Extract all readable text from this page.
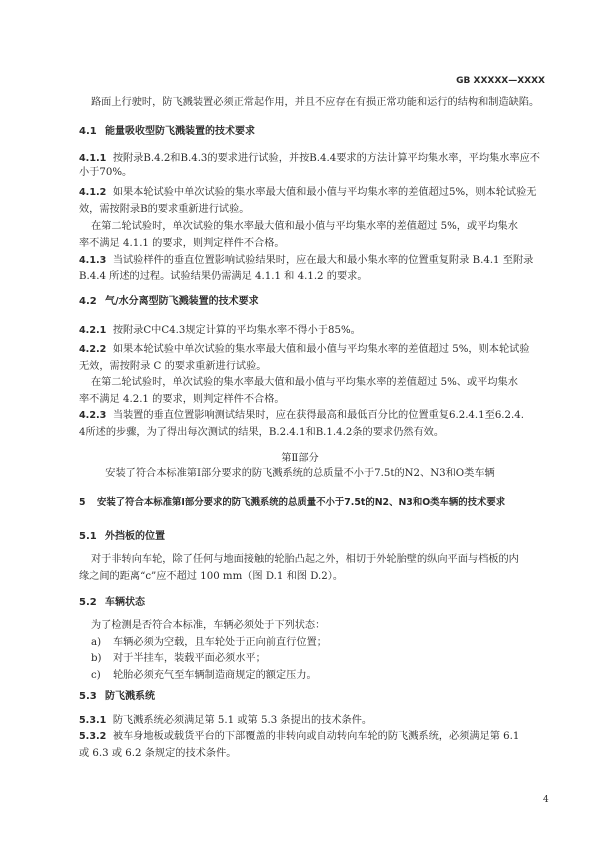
GB XXXXX—XXXX
路面上行驶时，防飞溅装置必须正常起作用，并且不应存在有损正常功能和运行的结构和制造缺陷。
4.1 能量吸收型防飞溅装置的技术要求
4.1.1 按附录B.4.2和B.4.3的要求进行试验，并按B.4.4要求的方法计算平均集水率，平均集水率应不
小于70%。
4.1.2 如果本轮试验中单次试验的集水率最大值和最小值与平均集水率的差值超过5%，则本轮试验无
效，需按附录B的要求重新进行试验。
在第二轮试验时，单次试验的集水率最大值和最小值与平均集水率的差值超过 5%，或平均集水
率不满足 4.1.1 的要求，则判定样件不合格。
4.1.3 当试验样件的垂直位置影响试验结果时，应在最大和最小集水率的位置重复附录 B.4.1 至附录
B.4.4 所述的过程。试验结果仍需满足 4.1.1 和 4.1.2 的要求。
4.2 气/水分离型防飞溅装置的技术要求
4.2.1 按附录C中C4.3规定计算的平均集水率不得小于85%。
4.2.2 如果本轮试验中单次试验的集水率最大值和最小值与平均集水率的差值超过 5%，则本轮试验
无效，需按附录 C 的要求重新进行试验。
在第二轮试验时，单次试验的集水率最大值和最小值与平均集水率的差值超过 5%、或平均集水
率不满足 4.2.1 的要求，则判定样件不合格。
4.2.3 当装置的垂直位置影响测试结果时，应在获得最高和最低百分比的位置重复6.2.4.1至6.2.4.
4所述的步骤，为了得出每次测试的结果，B.2.4.1和B.1.4.2条的要求仍然有效。
第Ⅱ部分
安装了符合本标准第Ⅰ部分要求的防飞溅系统的总质量不小于7.5t的N2、N3和O类车辆
5 安装了符合本标准第Ⅰ部分要求的防飞溅系统的总质量不小于7.5t的N2、N3和O类车辆的技术要求
5.1 外挡板的位置
对于非转向车轮，除了任何与地面接触的轮胎凸起之外，相切于外轮胎壁的纵向平面与档板的内
缘之间的距离“c”应不超过 100 mm（图 D.1 和图 D.2）。
5.2 车辆状态
为了检测是否符合本标准，车辆必须处于下列状态：
a) 车辆必须为空载，且车轮处于正向前直行位置；
b) 对于半挂车，装载平面必须水平；
c) 轮胎必须充气至车辆制造商规定的额定压力。
5.3 防飞溅系统
5.3.1 防飞溅系统必须满足第 5.1 或第 5.3 条提出的技术条件。
5.3.2 被车身地板或载货平台的下部覆盖的非转向或自动转向车轮的防飞溅系统，必须满足第 6.1
或 6.3 或 6.2 条规定的技术条件。
4
